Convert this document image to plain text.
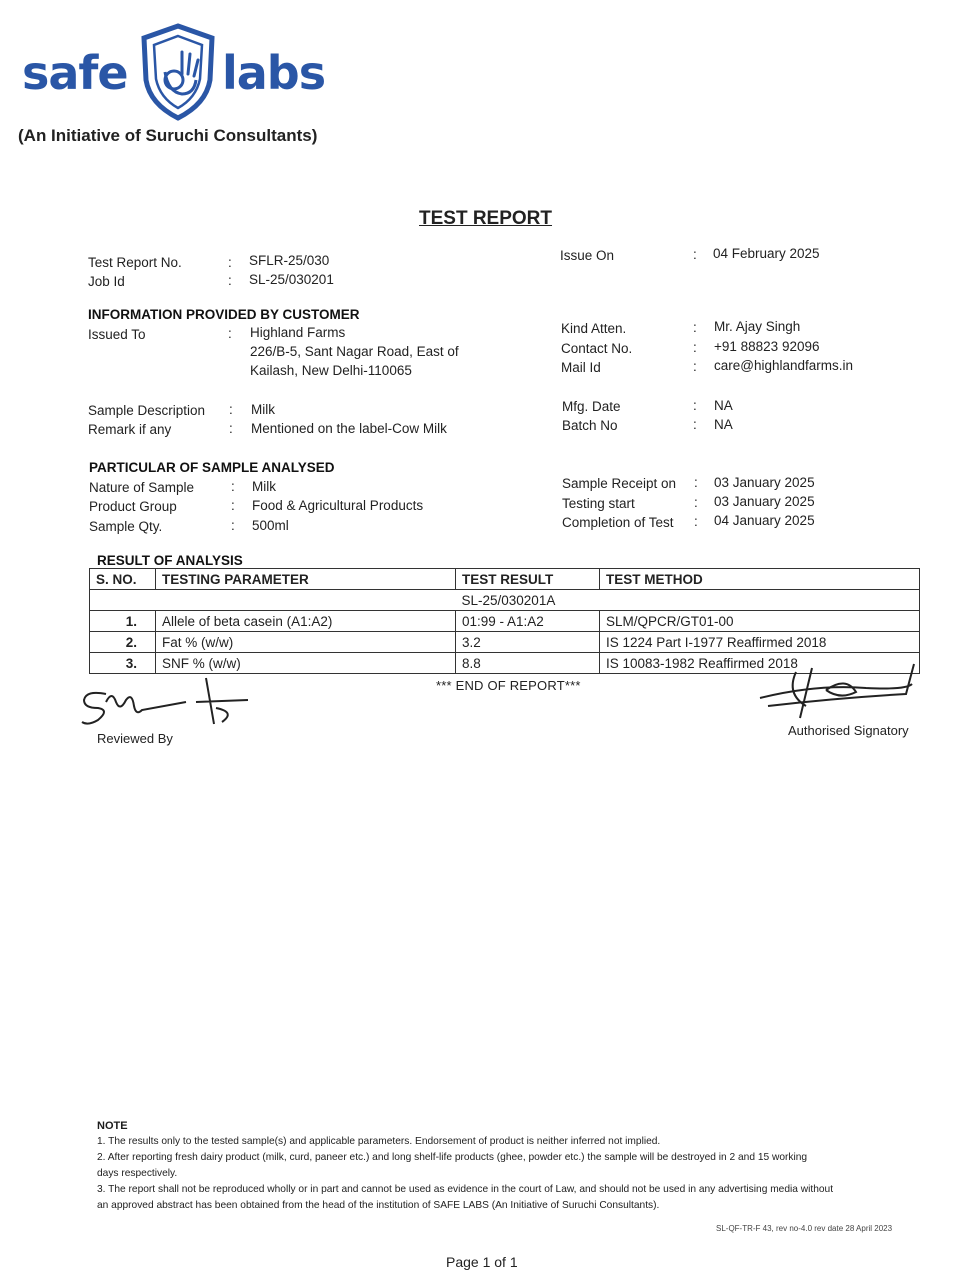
safe labs
(An Initiative of Suruchi Consultants)
TEST REPORT
Test Report No.	: SFLR-25/030
Job Id	: SL-25/030201
Issue On	: 04 February 2025
INFORMATION PROVIDED BY CUSTOMER
Issued To	: Highland Farms
226/B-5, Sant Nagar Road, East of
Kailash, New Delhi-110065
Kind Atten.	: Mr. Ajay Singh
Contact No.	: +91 88823 92096
Mail Id	: care@highlandfarms.in
Sample Description : Milk
Remark if any	: Mentioned on the label-Cow Milk
Mfg. Date	: NA
Batch No	: NA
PARTICULAR OF SAMPLE ANALYSED
Nature of Sample	: Milk
Product Group	: Food & Agricultural Products
Sample Qty.	: 500ml
Sample Receipt on : 03 January 2025
Testing start	: 03 January 2025
Completion of Test : 04 January 2025
RESULT OF ANALYSIS
S. NO.	TESTING PARAMETER	TEST RESULT	TEST METHOD
		SL-25/030201A	
1.	Allele of beta casein (A1:A2)	01:99 - A1:A2	SLM/QPCR/GT01-00
2.	Fat % (w/w)	3.2	IS 1224 Part I-1977 Reaffirmed 2018
3.	SNF % (w/w)	8.8	IS 10083-1982 Reaffirmed 2018
*** END OF REPORT***
Reviewed By
Authorised Signatory
NOTE
1. The results only to the tested sample(s) and applicable parameters. Endorsement of product is neither inferred not implied.
2. After reporting fresh dairy product (milk, curd, paneer etc.) and long shelf-life products (ghee, powder etc.) the sample will be destroyed in 2 and 15 working
days respectively.
3. The report shall not be reproduced wholly or in part and cannot be used as evidence in the court of Law, and should not be used in any advertising media without
an approved abstract has been obtained from the head of the institution of SAFE LABS (An Initiative of Suruchi Consultants).
SL-QF-TR-F 43, rev no-4.0 rev date 28 April 2023
Page 1 of 1
